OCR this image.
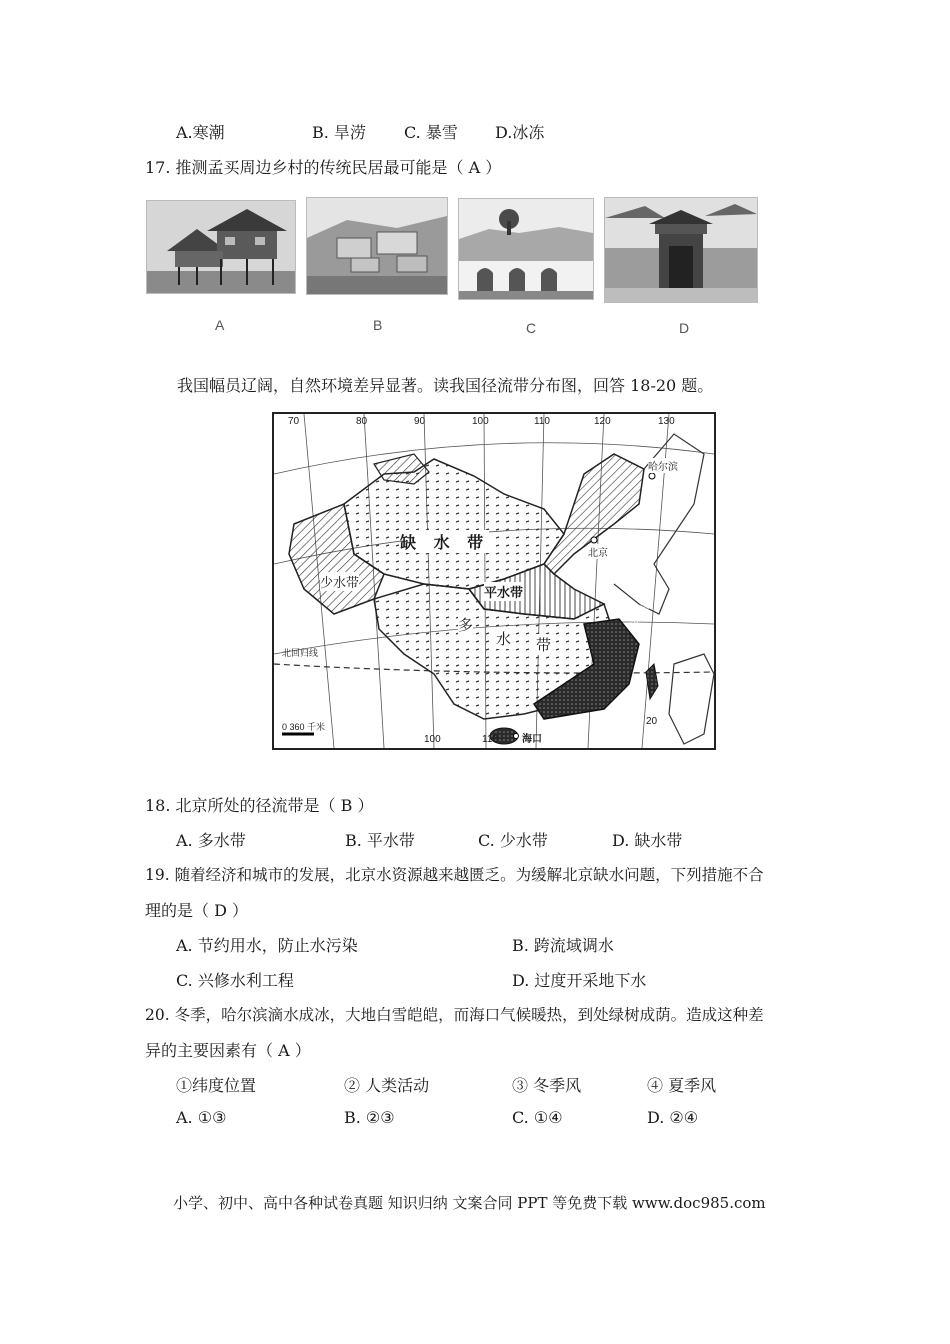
A.寒潮	B. 旱涝 C. 暴雪 D.冰冻
17. 推测孟买周边乡村的传统民居最可能是（ A ）
A	B	C	D
我国幅员辽阔，自然环境差异显著。读我国径流带分布图，回答 18-20 题。
70	80	90	100	110	120	130
100	110
20
缺 水 带
少水带
平水带
多
水 带
丰水带
哈尔滨
北京
海口
北回归线
0 360 千米
18. 北京所处的径流带是（ B ）
A. 多水带	B. 平水带	C. 少水带	D. 缺水带
19. 随着经济和城市的发展，北京水资源越来越匮乏。为缓解北京缺水问题，下列措施不合
理的是（ D ）
A. 节约用水，防止水污染	B. 跨流域调水
C. 兴修水利工程	D. 过度开采地下水
20. 冬季，哈尔滨滴水成冰，大地白雪皑皑，而海口气候暖热，到处绿树成荫。造成这种差
异的主要因素有（ A ）
①纬度位置	② 人类活动	③ 冬季风	④ 夏季风
A. ①③	B. ②③	C. ①④	D. ②④
小学、初中、高中各种试卷真题 知识归纳 文案合同 PPT 等免费下载 www.doc985.com
